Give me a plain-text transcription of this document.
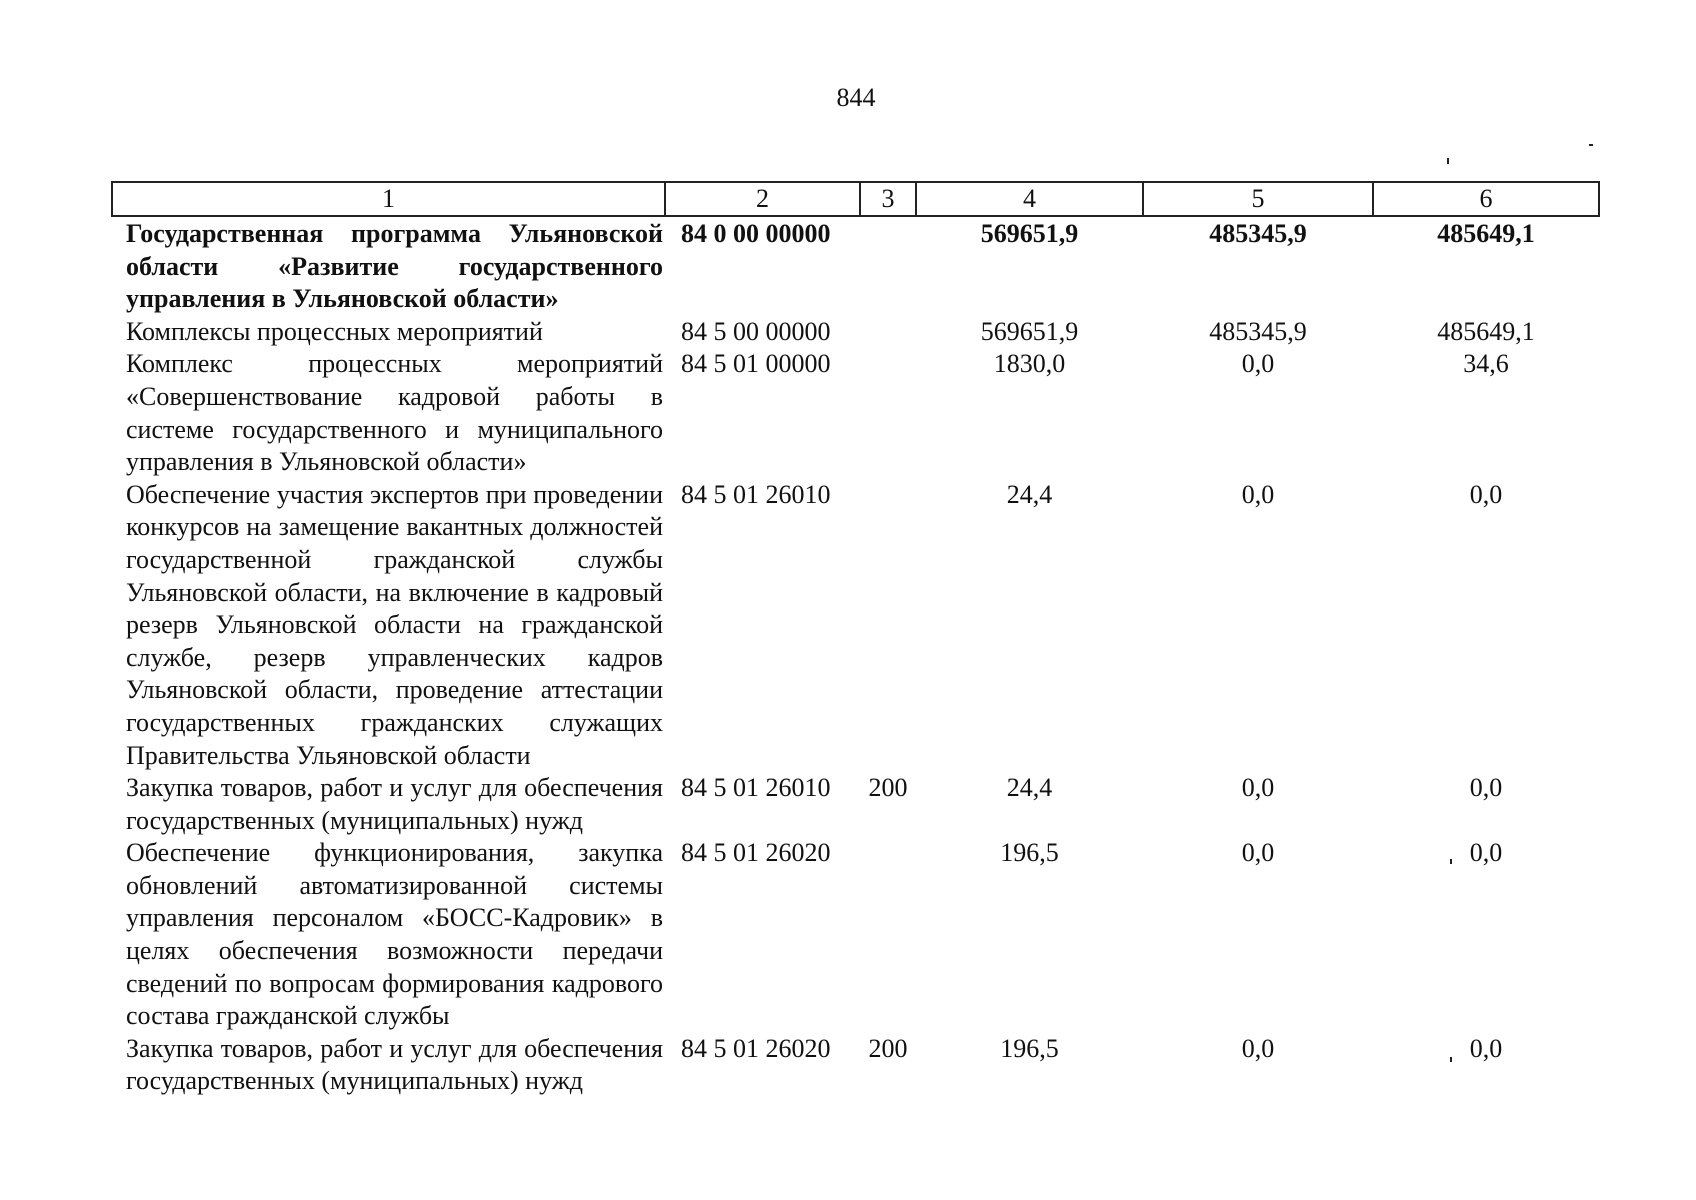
844
1	2	3	4	5	6
Государственная программа Ульяновской области «Развитие государственного управления в Ульяновской области»	84 0 00 00000		569651,9	485345,9	485649,1
Комплексы процессных мероприятий	84 5 00 00000		569651,9	485345,9	485649,1
Комплекс процессных мероприятий «Совершенствование кадровой работы в системе государственного и муниципального управления в Ульяновской области»	84 5 01 00000		1830,0	0,0	34,6
Обеспечение участия экспертов при проведении конкурсов на замещение вакантных должностей государственной гражданской службы Ульяновской области, на включение в кадровый резерв Ульяновской области на гражданской службе, резерв управленческих кадров Ульяновской области, проведение аттестации государственных гражданских служащих Правительства Ульяновской области	84 5 01 26010		24,4	0,0	0,0
Закупка товаров, работ и услуг для обеспечения государственных (муниципальных) нужд	84 5 01 26010	200	24,4	0,0	0,0
Обеспечение функционирования, закупка обновлений автоматизированной системы управления персоналом «БОСС-Кадровик» в целях обеспечения возможности передачи сведений по вопросам формирования кадрового состава гражданской службы	84 5 01 26020		196,5	0,0	0,0
Закупка товаров, работ и услуг для обеспечения государственных (муниципальных) нужд	84 5 01 26020	200	196,5	0,0	0,0
